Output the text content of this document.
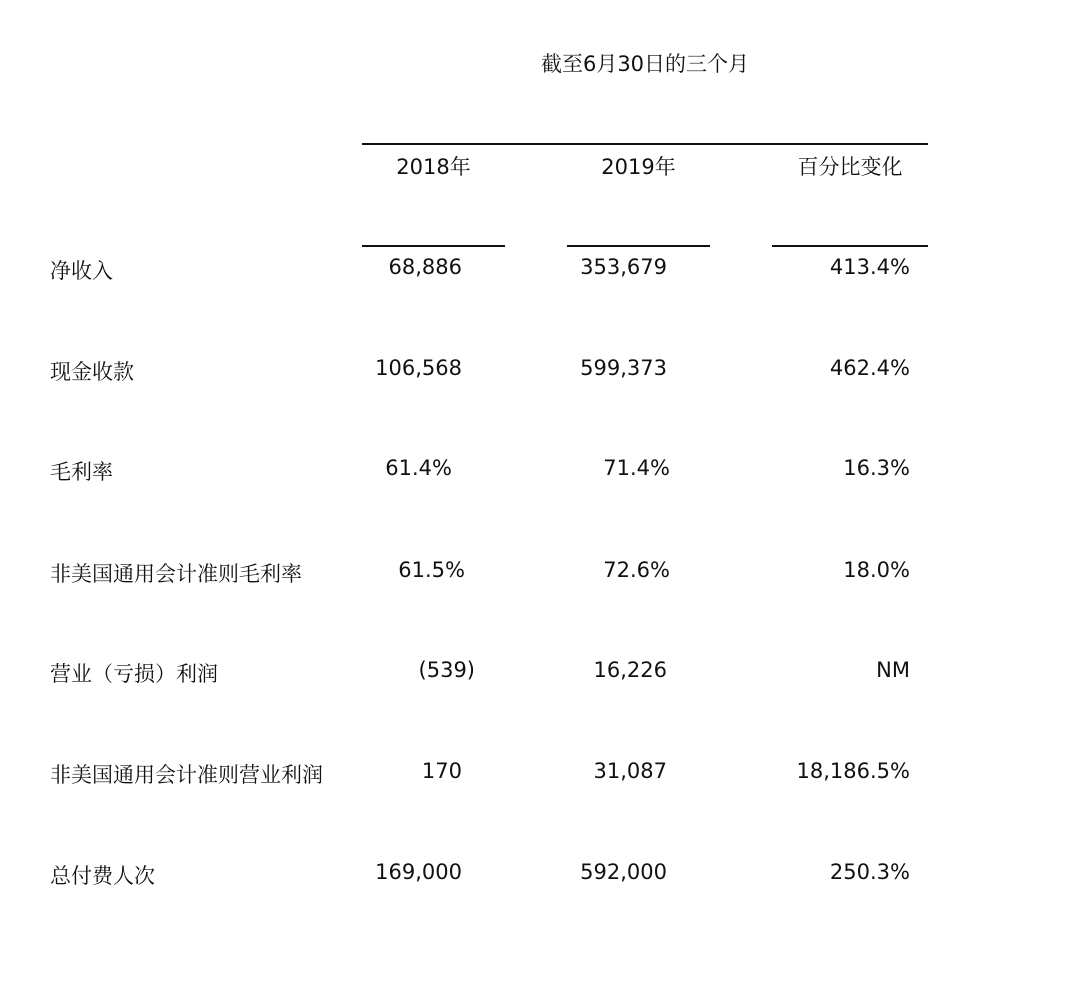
截至6月30日的三个月
2018年	2019年	百分比变化
净收入	68,886	353,679	413.4%
现金收款	106,568	599,373	462.4%
毛利率	61.4%	71.4%	16.3%
非美国通用会计准则毛利率	61.5%	72.6%	18.0%
营业（亏损）利润	(539)	16,226	NM
非美国通用会计准则营业利润	170	31,087	18,186.5%
总付费人次	169,000	592,000	250.3%
